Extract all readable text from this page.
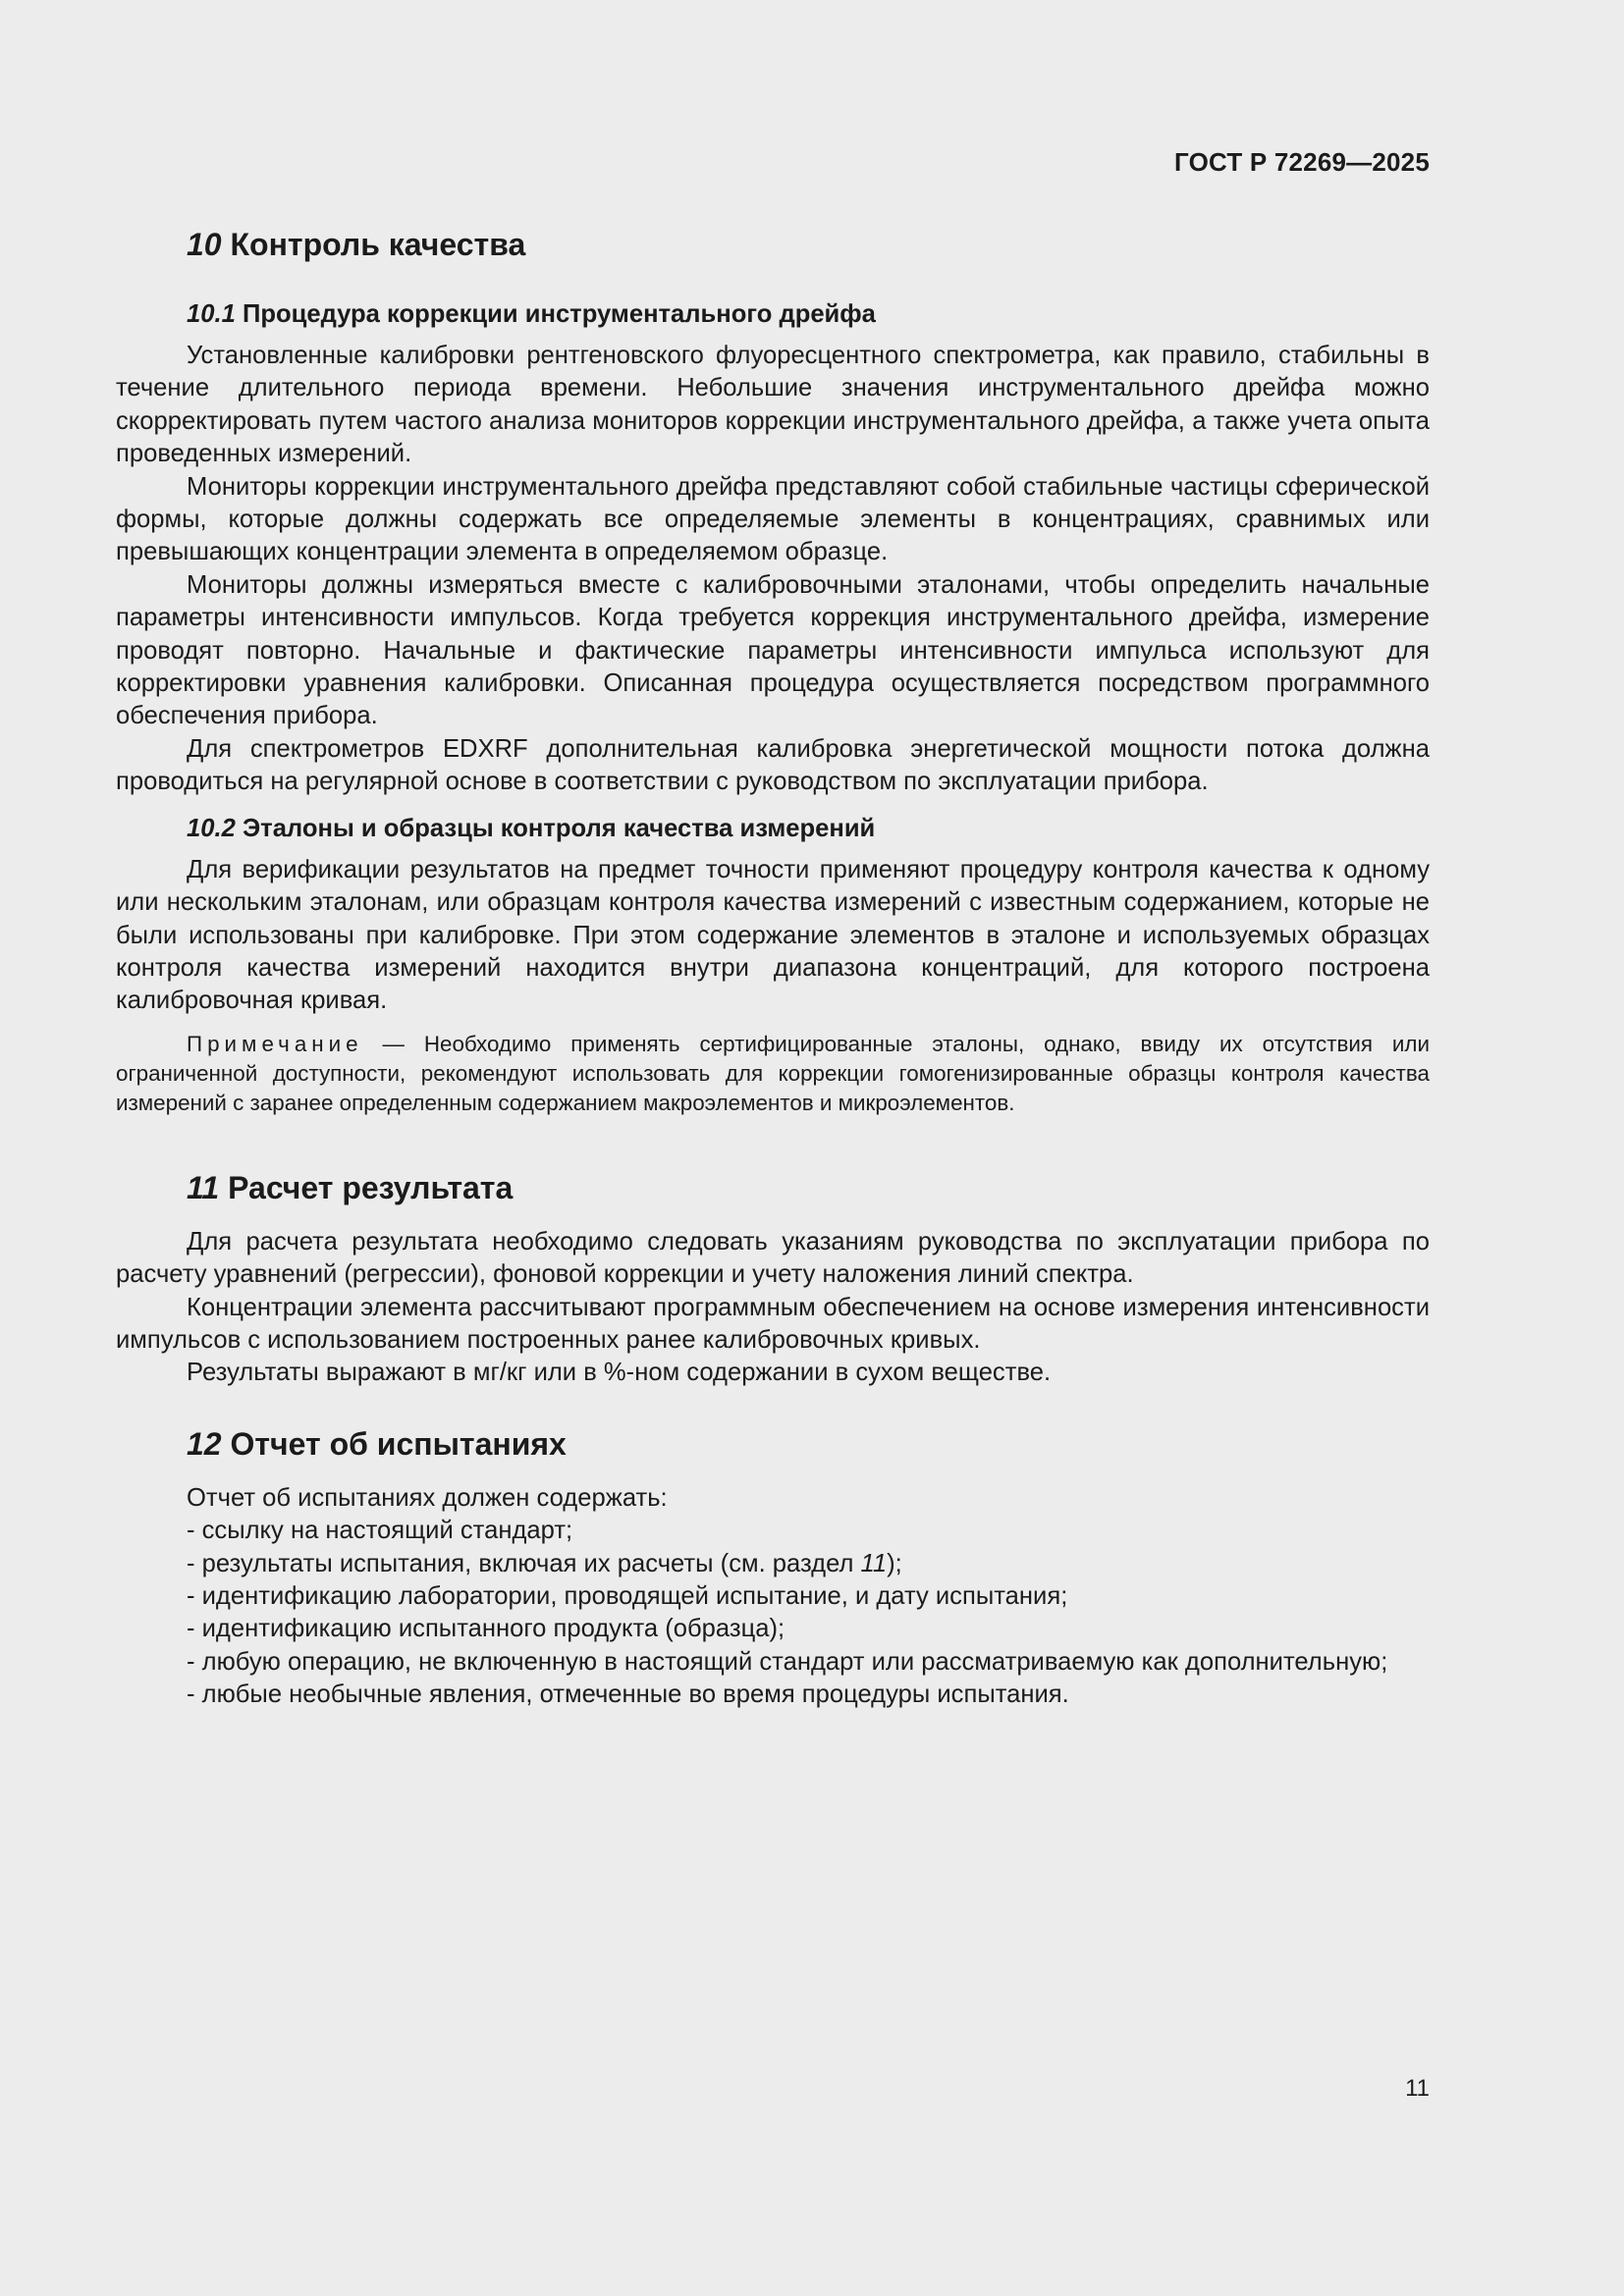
ГОСТ Р 72269—2025
10 Контроль качества
10.1 Процедура коррекции инструментального дрейфа

Установленные калибровки рентгеновского флуоресцентного спектрометра, как правило, стабильны в течение длительного периода времени. Небольшие значения инструментального дрейфа можно скорректировать путем частого анализа мониторов коррекции инструментального дрейфа, а также учета опыта проведенных измерений.

Мониторы коррекции инструментального дрейфа представляют собой стабильные частицы сферической формы, которые должны содержать все определяемые элементы в концентрациях, сравнимых или превышающих концентрации элемента в определяемом образце.

Мониторы должны измеряться вместе с калибровочными эталонами, чтобы определить начальные параметры интенсивности импульсов. Когда требуется коррекция инструментального дрейфа, измерение проводят повторно. Начальные и фактические параметры интенсивности импульса используют для корректировки уравнения калибровки. Описанная процедура осуществляется посредством программного обеспечения прибора.

Для спектрометров EDXRF дополнительная калибровка энергетической мощности потока должна проводиться на регулярной основе в соответствии с руководством по эксплуатации прибора.

10.2 Эталоны и образцы контроля качества измерений

Для верификации результатов на предмет точности применяют процедуру контроля качества к одному или нескольким эталонам, или образцам контроля качества измерений с известным содержанием, которые не были использованы при калибровке. При этом содержание элементов в эталоне и используемых образцах контроля качества измерений находится внутри диапазона концентраций, для которого построена калибровочная кривая.

Примечание — Необходимо применять сертифицированные эталоны, однако, ввиду их отсутствия или ограниченной доступности, рекомендуют использовать для коррекции гомогенизированные образцы контроля качества измерений с заранее определенным содержанием макроэлементов и микроэлементов.

11 Расчет результата

Для расчета результата необходимо следовать указаниям руководства по эксплуатации прибора по расчету уравнений (регрессии), фоновой коррекции и учету наложения линий спектра.

Концентрации элемента рассчитывают программным обеспечением на основе измерения интенсивности импульсов с использованием построенных ранее калибровочных кривых.

Результаты выражают в мг/кг или в %-ном содержании в сухом веществе.

12 Отчет об испытаниях

Отчет об испытаниях должен содержать:

- ссылку на настоящий стандарт;
- результаты испытания, включая их расчеты (см. раздел 11);
- идентификацию лаборатории, проводящей испытание, и дату испытания;
- идентификацию испытанного продукта (образца);
- любую операцию, не включенную в настоящий стандарт или рассматриваемую как дополнительную;
- любые необычные явления, отмеченные во время процедуры испытания.
11
